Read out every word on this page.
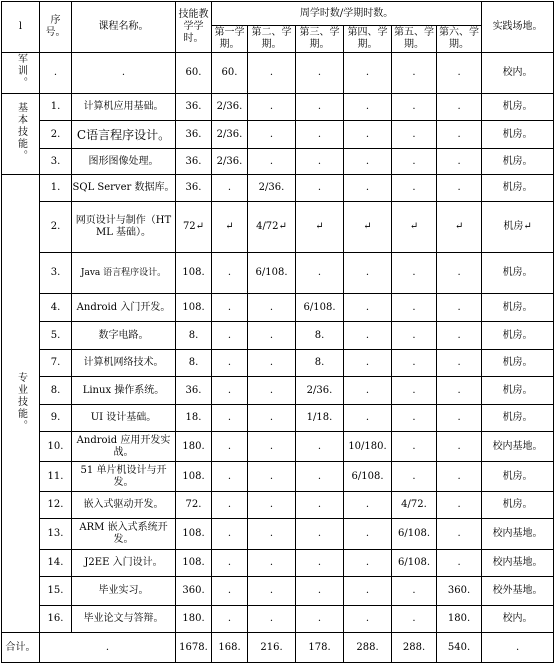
l	序号。	课程名称。	技能教学学时。	周学时数/学期时数。						实践场地。
				第一学期。	第二、学期。	第三、学期。	第四、学期。	第五、学期。	第六、学期。	
军训。	.	.	60.	60.	.	.	.	.	.	校内。
基本技能。	1.	计算机应用基础。	36.	2/36.	.	.	.	.	.	机房。
	2.	C语言程序设计。	36.	2/36.	.	.	.	.	.	机房。
	3.	图形图像处理。	36.	2/36.	.	.	.	.	.	机房。
专业技能。	1.	SQL Server 数据库。	36.	.	2/36.	.	.	.	.	机房。
	2.	网页设计与制作（HTML 基础）。	72↵	↵	4/72↵	↵	↵	↵	↵	机房↵
	3.	Java 语言程序设计。	108.	.	6/108.	.	.	.	.	机房。
	4.	Android 入门开发。	108.	.	.	6/108.	.	.	.	机房。
	5.	数字电路。	8.	.	.	8.	.	.	.	机房。
	7.	计算机网络技术。	8.	.	.	8.	.	.	.	机房。
	8.	Linux 操作系统。	36.	.	.	2/36.	.	.	.	机房。
	9.	UI 设计基础。	18.	.	.	1/18.	.	.	.	机房。
	10.	Android 应用开发实战。	180.	.	.	.	10/180.	.	.	校内基地。
	11.	51 单片机设计与开发。	108.	.	.	.	6/108.	.	.	机房。
	12.	嵌入式驱动开发。	72.	.	.	.	.	4/72.	.	机房。
	13.	ARM 嵌入式系统开发。	108.	.	.	.	.	6/108.	.	校内基地。
	14.	J2EE 入门设计。	108.	.	.	.	.	6/108.	.	校内基地。
	15.	毕业实习。	360.	.	.	.	.	.	360.	校外基地。
	16.	毕业论文与答辩。	180.	.	.	.	.	.	180.	校内。
合计。	.		1678.	168.	216.	178.	288.	288.	540.	.
